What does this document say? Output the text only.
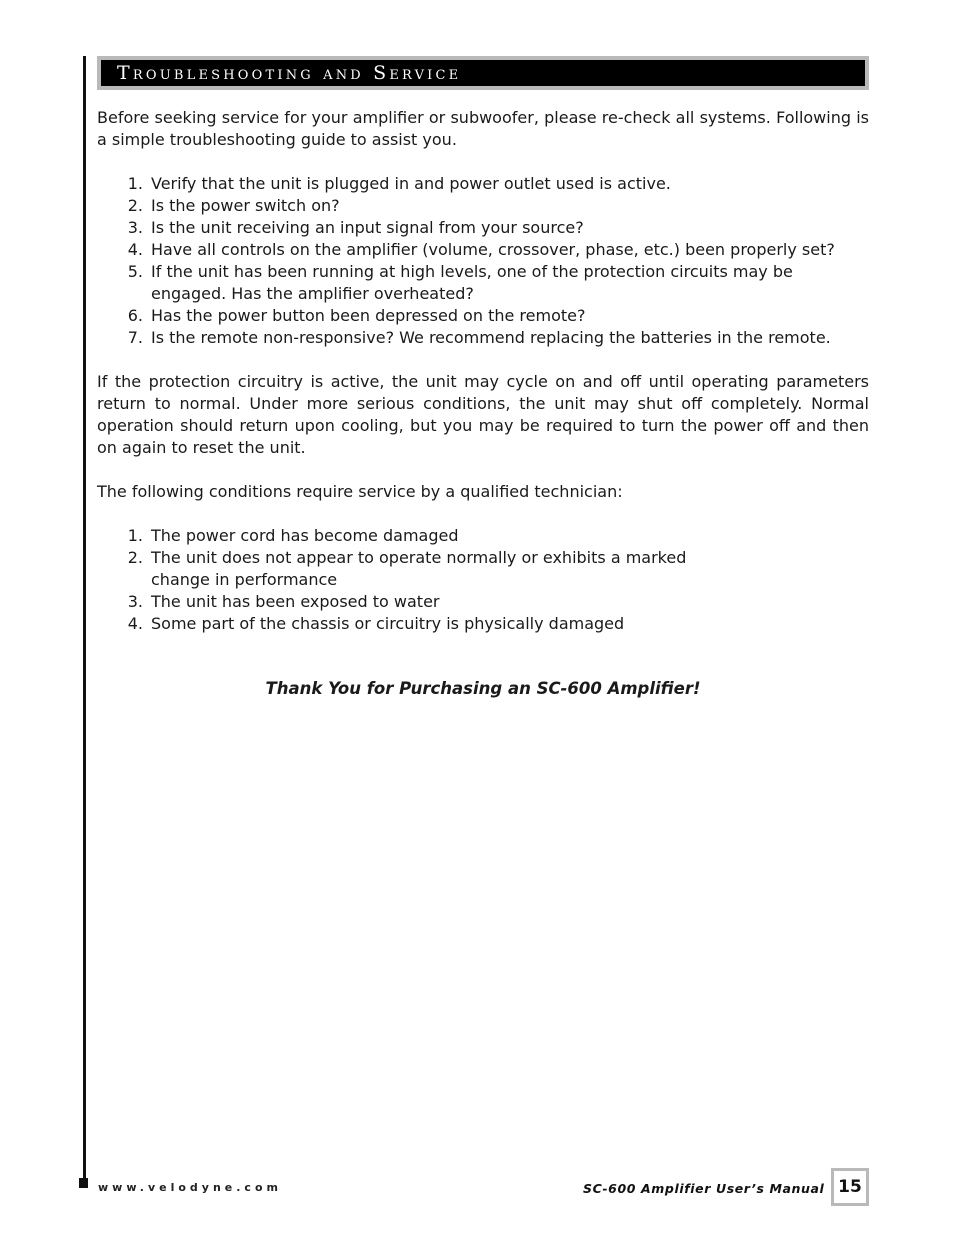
Troubleshooting and Service

Before seeking service for your amplifier or subwoofer, please re-check all systems. Following is a simple troubleshooting guide to assist you.

1. Verify that the unit is plugged in and power outlet used is active.
2. Is the power switch on?
3. Is the unit receiving an input signal from your source?
4. Have all controls on the amplifier (volume, crossover, phase, etc.) been properly set?
5. If the unit has been running at high levels, one of the protection circuits may be engaged. Has the amplifier overheated?
6. Has the power button been depressed on the remote?
7. Is the remote non-responsive? We recommend replacing the batteries in the remote.

If the protection circuitry is active, the unit may cycle on and off until operating parameters return to normal. Under more serious conditions, the unit may shut off completely. Normal operation should return upon cooling, but you may be required to turn the power off and then on again to reset the unit.

The following conditions require service by a qualified technician:

1. The power cord has become damaged
2. The unit does not appear to operate normally or exhibits a marked change in performance
3. The unit has been exposed to water
4. Some part of the chassis or circuitry is physically damaged
Thank You for Purchasing an SC-600 Amplifier!
www.velodyne.com	SC-600 Amplifier User’s Manual 15
